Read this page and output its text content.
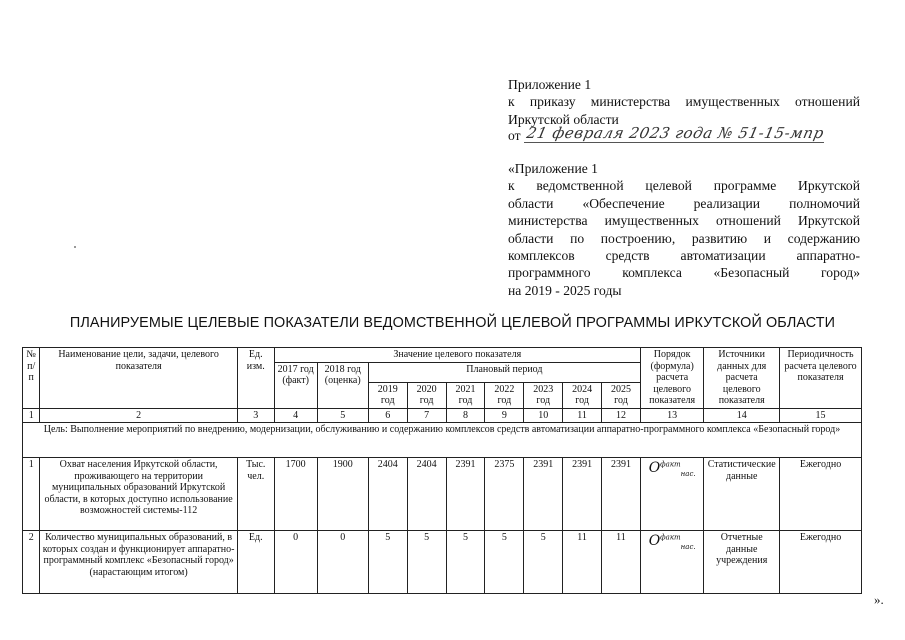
Приложение 1

к приказу министерства имущественных отношений

Иркутской области

от 21 февраля 2023 года № 51-15-мпр

«Приложение 1

к ведомственной целевой программе Иркутской

области «Обеспечение реализации полномочий

министерства имущественных отношений Иркутской

области по построению, развитию и содержанию

комплексов средств автоматизации аппаратно-

программного комплекса «Безопасный город»

на 2019 - 2025 годы

ПЛАНИРУЕМЫЕ ЦЕЛЕВЫЕ ПОКАЗАТЕЛИ ВЕДОМСТВЕННОЙ ЦЕЛЕВОЙ ПРОГРАММЫ ИРКУТСКОЙ ОБЛАСТИ
№ п/ п	Наименование цели, задачи, целевого показателя	Ед. изм.	Значение целевого показателя									Порядок (формула) расчета целевого показателя	Источники данных для расчета целевого показателя	Периодичность расчета целевого показателя
			2017 год (факт)	2018 год (оценка)	Плановый период									
					2019 год	2020 год	2021 год	2022 год	2023 год	2024 год	2025 год			
1	2	3	4	5	6	7	8	9	10	11	12	13	14	15
Цель: Выполнение мероприятий по внедрению, модернизации, обслуживанию и содержанию комплексов средств автоматизации аппаратно-программного комплекса «Безопасный город»														
1	Охват населения Иркутской области, проживающего на территории муниципальных образований Иркутской области, в которых доступно использование возможностей системы-112	Тыс. чел.	1700	1900	2404	2404	2391	2375	2391	2391	2391	$O^{факт}_{нас.}$	Статистические данные	Ежегодно
2	Количество муниципальных образований, в которых создан и функционирует аппаратно-программный комплекс «Безопасный город» (нарастающим итогом)	Ед.	0	0	5	5	5	5	5	11	11	$O^{факт}_{нас.}$	Отчетные данные учреждения	Ежегодно
».
